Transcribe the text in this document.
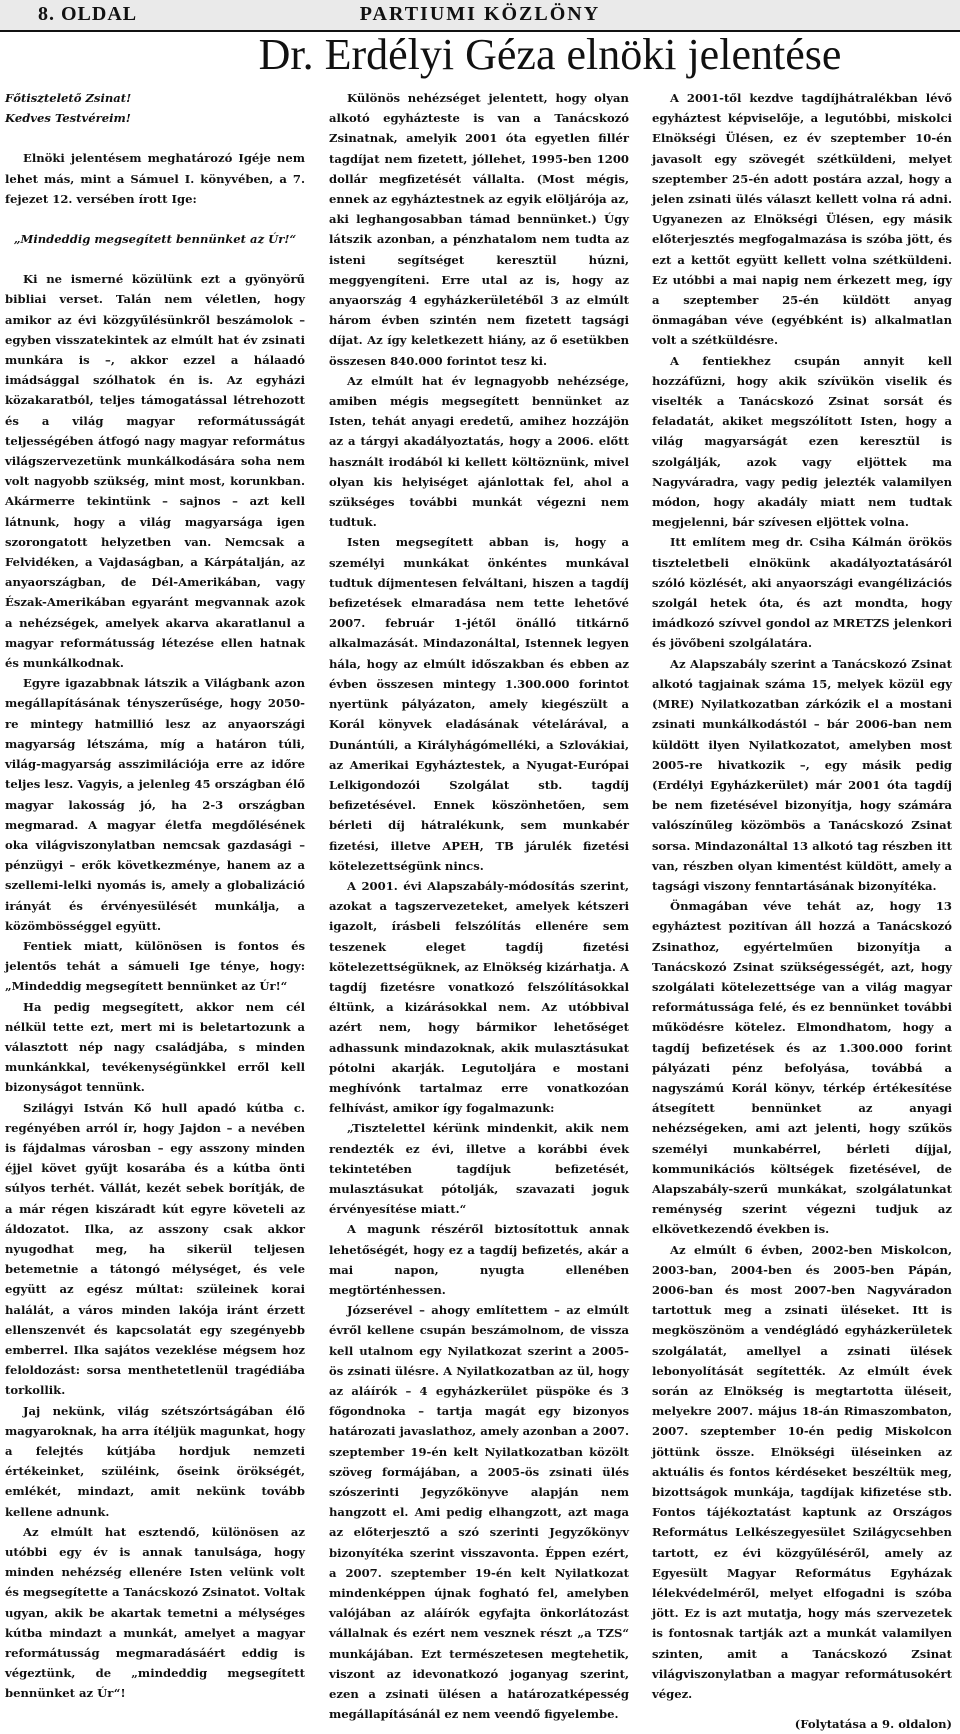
8. OLDAL	PARTIUMI KÖZLÖNY
Dr. Erdélyi Géza elnöki jelentése

Főtisztelető Zsinat!

Kedves Testvéreim!

Elnöki jelentésem meghatározó Igéje nem lehet más, mint a Sámuel I. könyvében, a 7. fejezet 12. versében írott Ige:

„Mindeddig megsegített bennünket az Úr!“

Ki ne ismerné közülünk ezt a gyönyörű bibliai verset. Talán nem véletlen, hogy amikor az évi közgyűlésünkről beszámolok – egyben visszatekintek az elmúlt hat év zsinati munkára is –, akkor ezzel a hálaadó imádsággal szólhatok én is. Az egyházi közakaratból, teljes támogatással létrehozott és a világ magyar reformátusságát teljességében átfogó nagy magyar református világszervezetünk munkálkodására soha nem volt nagyobb szükség, mint most, korunkban. Akármerre tekintünk – sajnos – azt kell látnunk, hogy a világ magyarsága igen szorongatott helyzetben van. Nemcsak a Felvidéken, a Vajdaságban, a Kárpátalján, az anyaországban, de Dél-Amerikában, vagy Észak-Amerikában egyaránt megvannak azok a nehézségek, amelyek akarva akaratlanul a magyar reformátusság létezése ellen hatnak és munkálkodnak.

Egyre igazabbnak látszik a Világbank azon megállapításának tényszerűsége, hogy 2050-re mintegy hatmillió lesz az anyaországi magyarság létszáma, míg a határon túli, világ-magyarság asszimilációja erre az időre teljes lesz. Vagyis, a jelenleg 45 országban élő magyar lakosság jó, ha 2-3 országban megmarad. A magyar életfa megdőlésének oka világviszonylatban nemcsak gazdasági – pénzügyi – erők következménye, hanem az a szellemi-lelki nyomás is, amely a globalizáció irányát és érvényesülését munkálja, a közömbösséggel együtt.

Fentiek miatt, különösen is fontos és jelentős tehát a sámueli Ige ténye, hogy: „Mindeddig megsegített bennünket az Úr!“

Ha pedig megsegített, akkor nem cél nélkül tette ezt, mert mi is beletartozunk a választott nép nagy családjába, s minden munkánkkal, tevékenységünkkel erről kell bizonyságot tennünk.

Szilágyi István Kő hull apadó kútba c. regényében arról ír, hogy Jajdon – a nevében is fájdalmas városban – egy asszony minden éjjel követ gyűjt kosarába és a kútba önti súlyos terhét. Vállát, kezét sebek borítják, de a már régen kiszáradt kút egyre követeli az áldozatot. Ilka, az asszony csak akkor nyugodhat meg, ha sikerül teljesen betemetnie a tátongó mélységet, és vele együtt az egész múltat: szüleinek korai halálát, a város minden lakója iránt érzett ellenszenvét és kapcsolatát egy szegényebb emberrel. Ilka sajátos vezeklése mégsem hoz feloldozást: sorsa menthetetlenül tragédiába torkollik.

Jaj nekünk, világ szétszórtságában élő magyaroknak, ha arra ítéljük magunkat, hogy a felejtés kútjába hordjuk nemzeti értékeinket, szüléink, őseink örökségét, emlékét, mindazt, amit nekünk tovább kellene adnunk.

Az elmúlt hat esztendő, különösen az utóbbi egy év is annak tanulsága, hogy minden nehézség ellenére Isten velünk volt és megsegítette a Tanácskozó Zsinatot. Voltak ugyan, akik be akartak temetni a mélységes kútba mindazt a munkát, amelyet a magyar reformátusság megmaradásáért eddig is végeztünk, de „mindeddig megsegített bennünket az Úr“!

Különös nehézséget jelentett, hogy olyan alkotó egyházteste is van a Tanácskozó Zsinatnak, amelyik 2001 óta egyetlen fillér tagdíjat nem fizetett, jóllehet, 1995-ben 1200 dollár megfizetését vállalta. (Most mégis, ennek az egyháztestnek az egyik elöljárója az, aki leghangosabban támad bennünket.) Úgy látszik azonban, a pénzhatalom nem tudta az isteni segítséget keresztül húzni, meggyengíteni. Erre utal az is, hogy az anyaország 4 egyházkerületéből 3 az elmúlt három évben szintén nem fizetett tagsági díjat. Az így keletkezett hiány, az ő esetükben összesen 840.000 forintot tesz ki.

Az elmúlt hat év legnagyobb nehézsége, amiben mégis megsegített bennünket az Isten, tehát anyagi eredetű, amihez hozzájön az a tárgyi akadályoztatás, hogy a 2006. előtt használt irodából ki kellett költöznünk, mivel olyan kis helyiséget ajánlottak fel, ahol a szükséges további munkát végezni nem tudtuk.

Isten megsegített abban is, hogy a személyi munkákat önkéntes munkával tudtuk díjmentesen felváltani, hiszen a tagdíj befizetések elmaradása nem tette lehetővé 2007. február 1-jétől önálló titkárnő alkalmazását. Mindazonáltal, Istennek legyen hála, hogy az elmúlt időszakban és ebben az évben összesen mintegy 1.300.000 forintot nyertünk pályázaton, amely kiegészült a Korál könyvek eladásának vételárával, a Dunántúli, a Királyhágómelléki, a Szlovákiai, az Amerikai Egyháztestek, a Nyugat-Európai Lelkigondozói Szolgálat stb. tagdíj befizetésével. Ennek köszönhetően, sem bérleti díj hátralékunk, sem munkabér fizetési, illetve APEH, TB járulék fizetési kötelezettségünk nincs.

A 2001. évi Alapszabály-módosítás szerint, azokat a tagszervezeteket, amelyek kétszeri igazolt, írásbeli felszólítás ellenére sem teszenek eleget tagdíj fizetési kötelezettségüknek, az Elnökség kizárhatja. A tagdíj fizetésre vonatkozó felszólításokkal éltünk, a kizárásokkal nem. Az utóbbival azért nem, hogy bármikor lehetőséget adhassunk mindazoknak, akik mulasztásukat pótolni akarják. Legutoljára e mostani meghívónk tartalmaz erre vonatkozóan felhívást, amikor így fogalmazunk:

„Tisztelettel kérünk mindenkit, akik nem rendezték ez évi, illetve a korábbi évek tekintetében tagdíjuk befizetését, mulasztásukat pótolják, szavazati joguk érvényesítése miatt.“

A magunk részéről biztosítottuk annak lehetőségét, hogy ez a tagdíj befizetés, akár a mai napon, nyugta ellenében megtörténhessen.

Józserével – ahogy említettem – az elmúlt évről kellene csupán beszámolnom, de vissza kell utalnom egy Nyilatkozat szerint a 2005-ös zsinati ülésre. A Nyilatkozatban az ül, hogy az aláírók – 4 egyházkerület püspöke és 3 főgondnoka – tartja magát egy bizonyos határozati javaslathoz, amely azonban a 2007. szeptember 19-én kelt Nyilatkozatban közölt szöveg formájában, a 2005-ös zsinati ülés szószerinti Jegyzőkönyve alapján nem hangzott el. Ami pedig elhangzott, azt maga az előterjesztő a szó szerinti Jegyzőkönyv bizonyítéka szerint visszavonta. Éppen ezért, a 2007. szeptember 19-én kelt Nyilatkozat mindenképpen újnak fogható fel, amelyben valójában az aláírók egyfajta önkorlátozást vállalnak és ezért nem vesznek részt „a TZS“ munkájában. Ezt természetesen megtehetik, viszont az idevonatkozó joganyag szerint, ezen a zsinati ülésen a határozatképesség megállapításánál ez nem veendő figyelembe.

A 2001-től kezdve tagdíjhátralékban lévő egyháztest képviselője, a legutóbbi, miskolci Elnökségi Ülésen, ez év szeptember 10-én javasolt egy szövegét szétküldeni, melyet szeptember 25-én adott postára azzal, hogy a jelen zsinati ülés választ kellett volna rá adni. Ugyanezen az Elnökségi Ülésen, egy másik előterjesztés megfogalmazása is szóba jött, és ezt a kettőt együtt kellett volna szétküldeni. Ez utóbbi a mai napig nem érkezett meg, így a szeptember 25-én küldött anyag önmagában véve (egyébként is) alkalmatlan volt a szétküldésre.

A fentiekhez csupán annyit kell hozzáfűzni, hogy akik szívükön viselik és viselték a Tanácskozó Zsinat sorsát és feladatát, akiket megszólított Isten, hogy a világ magyarságát ezen keresztül is szolgálják, azok vagy eljöttek ma Nagyváradra, vagy pedig jelezték valamilyen módon, hogy akadály miatt nem tudtak megjelenni, bár szívesen eljöttek volna.

Itt említem meg dr. Csiha Kálmán örökös tiszteletbeli elnökünk akadályoztatásáról szóló közlését, aki anyaországi evangélizációs szolgál hetek óta, és azt mondta, hogy imádkozó szívvel gondol az MRETZS jelenkori és jövőbeni szolgálatára.

Az Alapszabály szerint a Tanácskozó Zsinat alkotó tagjainak száma 15, melyek közül egy (MRE) Nyilatkozatban zárkózik el a mostani zsinati munkálkodástól – bár 2006-ban nem küldött ilyen Nyilatkozatot, amelyben most 2005-re hivatkozik –, egy másik pedig (Erdélyi Egyházkerület) már 2001 óta tagdíj be nem fizetésével bizonyítja, hogy számára valószínűleg közömbös a Tanácskozó Zsinat sorsa. Mindazonáltal 13 alkotó tag részben itt van, részben olyan kimentést küldött, amely a tagsági viszony fenntartásának bizonyítéka.

Önmagában véve tehát az, hogy 13 egyháztest pozitívan áll hozzá a Tanácskozó Zsinathoz, egyértelműen bizonyítja a Tanácskozó Zsinat szükségességét, azt, hogy szolgálati kötelezettsége van a világ magyar reformátussága felé, és ez bennünket további működésre kötelez. Elmondhatom, hogy a tagdíj befizetések és az 1.300.000 forint pályázati pénz befolyása, továbbá a nagyszámú Korál könyv, térkép értékesítése átsegített bennünket az anyagi nehézségeken, ami azt jelenti, hogy szűkös személyi munkabérrel, bérleti díjjal, kommunikációs költségek fizetésével, de Alapszabály-szerű munkákat, szolgálatunkat reménység szerint végezni tudjuk az elkövetkezendő években is.

Az elmúlt 6 évben, 2002-ben Miskolcon, 2003-ban, 2004-ben és 2005-ben Pápán, 2006-ban és most 2007-ben Nagyváradon tartottuk meg a zsinati üléseket. Itt is megköszönöm a vendégládó egyházkerületek szolgálatát, amellyel a zsinati ülések lebonyolítását segítették. Az elmúlt évek során az Elnökség is megtartotta üléseit, melyekre 2007. május 18-án Rimaszombaton, 2007. szeptember 10-én pedig Miskolcon jöttünk össze. Elnökségi üléseinken az aktuális és fontos kérdéseket beszéltük meg, bizottságok munkája, tagdíjak kifizetése stb. Fontos tájékoztatást kaptunk az Országos Református Lelkészegyesület Szilágycsehben tartott, ez évi közgyűléséről, amely az Egyesült Magyar Református Egyházak lélekvédelméről, melyet elfogadni is szóba jött. Ez is azt mutatja, hogy más szervezetek is fontosnak tartják azt a munkát valamilyen szinten, amit a Tanácskozó Zsinat világviszonylatban a magyar reformátusokért végez.

(Folytatása a 9. oldalon)
